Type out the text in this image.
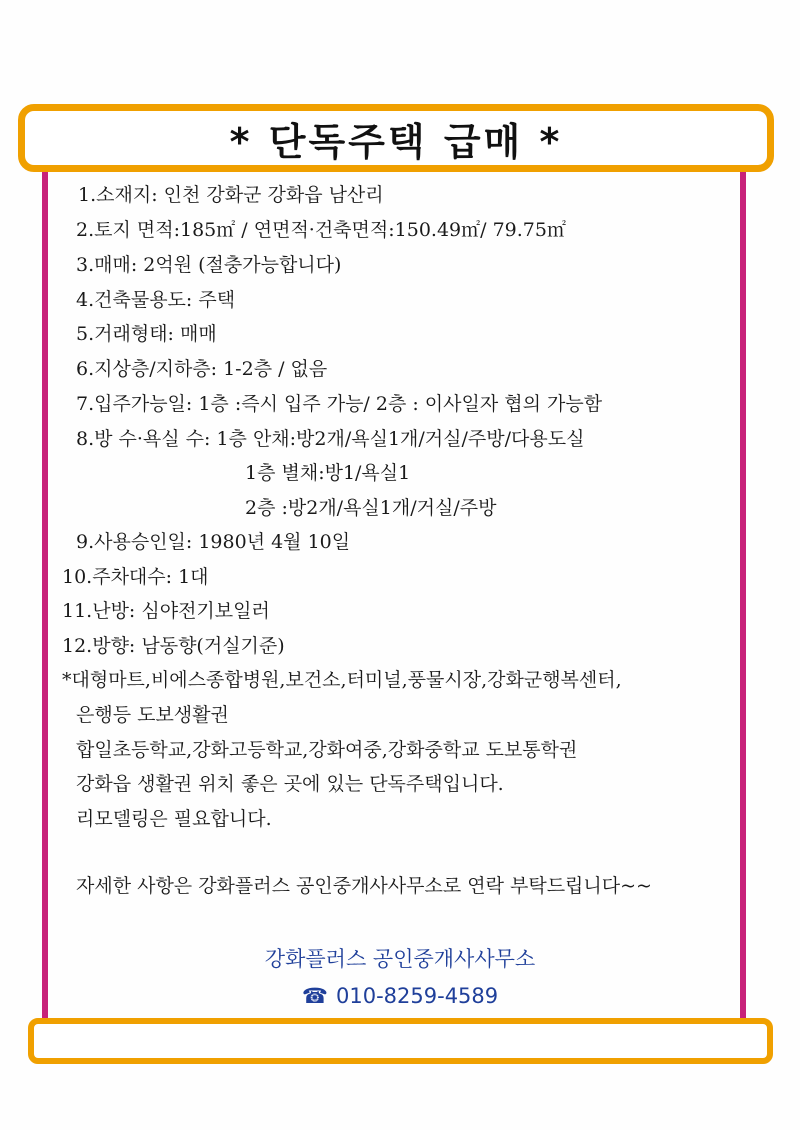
* 단독주택 급매 *
1.소재지: 인천 강화군 강화읍 남산리
2.토지 면적:185㎡ / 연면적·건축면적:150.49㎡/ 79.75㎡
3.매매: 2억원 (절충가능합니다)
4.건축물용도: 주택
5.거래형태: 매매
6.지상층/지하층: 1-2층 / 없음
7.입주가능일: 1층 :즉시 입주 가능/ 2층 : 이사일자 협의 가능함
8.방 수·욕실 수: 1층 안채:방2개/욕실1개/거실/주방/다용도실
1층 별채:방1/욕실1
2층 :방2개/욕실1개/거실/주방
9.사용승인일: 1980년 4월 10일
10.주차대수: 1대
11.난방: 심야전기보일러
12.방향: 남동향(거실기준)
*대형마트,비에스종합병원,보건소,터미널,풍물시장,강화군행복센터,
은행등 도보생활권
합일초등학교,강화고등학교,강화여중,강화중학교 도보통학권
강화읍 생활권 위치 좋은 곳에 있는 단독주택입니다.
리모델링은 필요합니다.
자세한 사항은 강화플러스 공인중개사사무소로 연락 부탁드립니다~~
강화플러스 공인중개사사무소
☎ 010-8259-4589
